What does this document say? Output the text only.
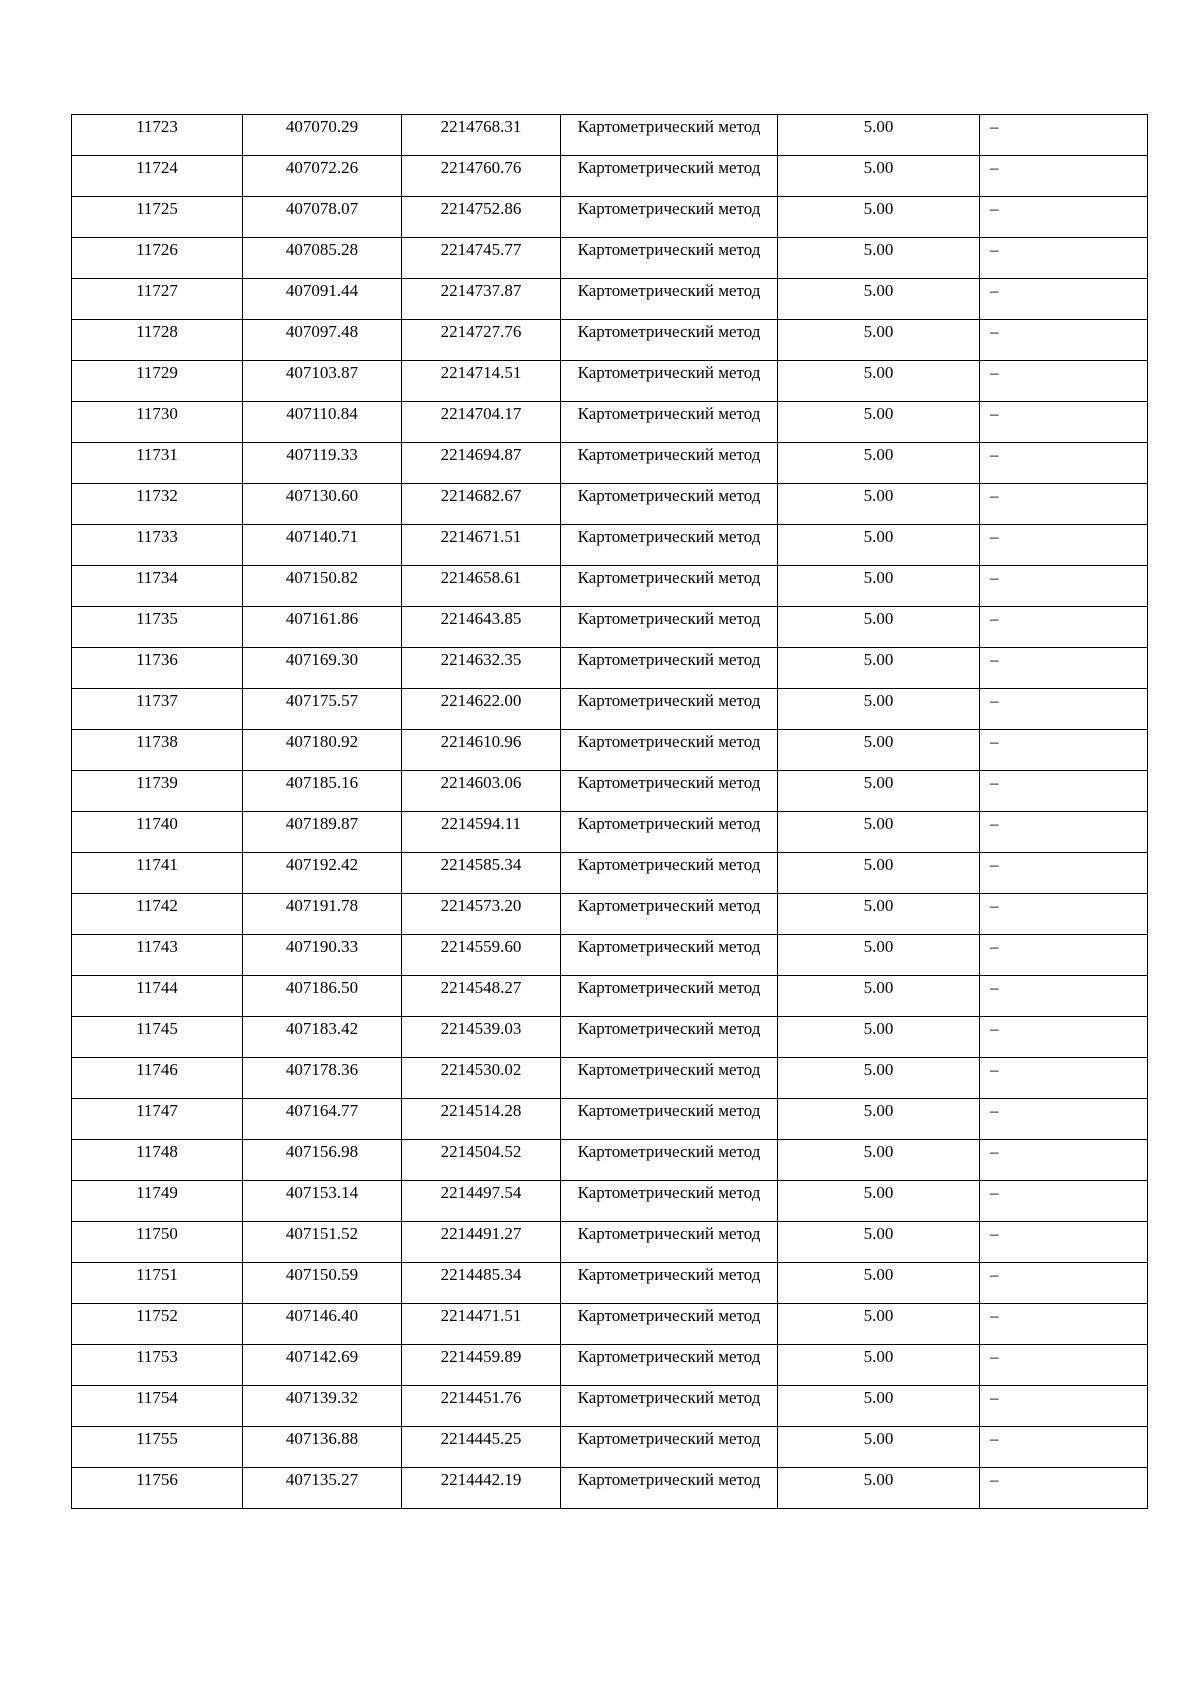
11723	407070.29	2214768.31	Картометрический метод	5.00	–

11724	407072.26	2214760.76	Картометрический метод	5.00	–

11725	407078.07	2214752.86	Картометрический метод	5.00	–

11726	407085.28	2214745.77	Картометрический метод	5.00	–

11727	407091.44	2214737.87	Картометрический метод	5.00	–

11728	407097.48	2214727.76	Картометрический метод	5.00	–

11729	407103.87	2214714.51	Картометрический метод	5.00	–

11730	407110.84	2214704.17	Картометрический метод	5.00	–

11731	407119.33	2214694.87	Картометрический метод	5.00	–

11732	407130.60	2214682.67	Картометрический метод	5.00	–

11733	407140.71	2214671.51	Картометрический метод	5.00	–

11734	407150.82	2214658.61	Картометрический метод	5.00	–

11735	407161.86	2214643.85	Картометрический метод	5.00	–

11736	407169.30	2214632.35	Картометрический метод	5.00	–

11737	407175.57	2214622.00	Картометрический метод	5.00	–

11738	407180.92	2214610.96	Картометрический метод	5.00	–

11739	407185.16	2214603.06	Картометрический метод	5.00	–

11740	407189.87	2214594.11	Картометрический метод	5.00	–

11741	407192.42	2214585.34	Картометрический метод	5.00	–

11742	407191.78	2214573.20	Картометрический метод	5.00	–

11743	407190.33	2214559.60	Картометрический метод	5.00	–

11744	407186.50	2214548.27	Картометрический метод	5.00	–

11745	407183.42	2214539.03	Картометрический метод	5.00	–

11746	407178.36	2214530.02	Картометрический метод	5.00	–

11747	407164.77	2214514.28	Картометрический метод	5.00	–

11748	407156.98	2214504.52	Картометрический метод	5.00	–

11749	407153.14	2214497.54	Картометрический метод	5.00	–

11750	407151.52	2214491.27	Картометрический метод	5.00	–

11751	407150.59	2214485.34	Картометрический метод	5.00	–

11752	407146.40	2214471.51	Картометрический метод	5.00	–

11753	407142.69	2214459.89	Картометрический метод	5.00	–

11754	407139.32	2214451.76	Картометрический метод	5.00	–

11755	407136.88	2214445.25	Картометрический метод	5.00	–

11756	407135.27	2214442.19	Картометрический метод	5.00	–
